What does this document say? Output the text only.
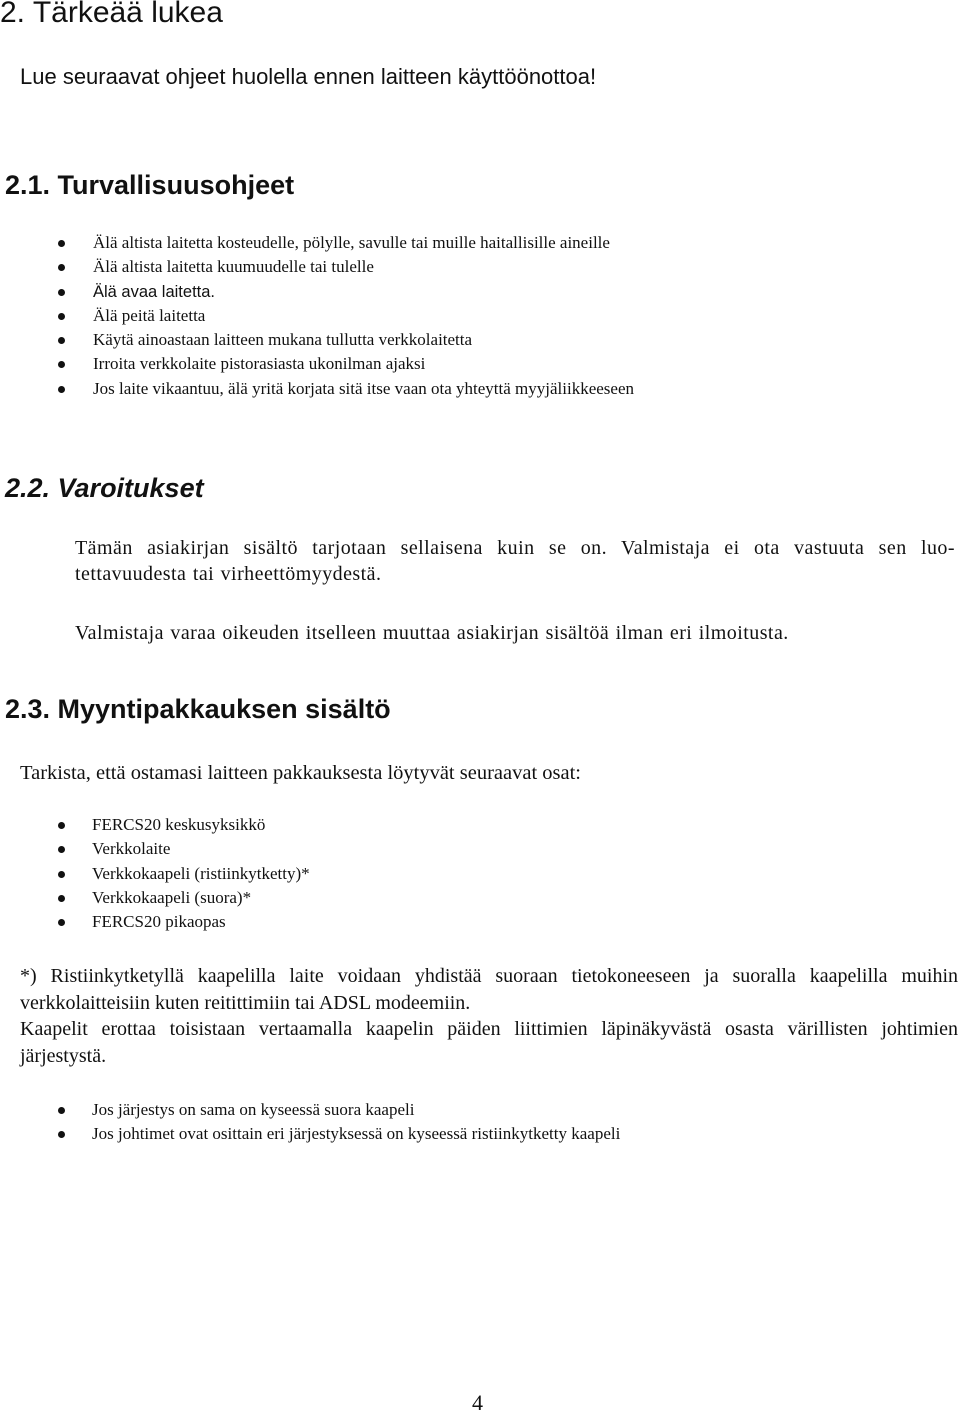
2. Tärkeää lukea
Lue seuraavat ohjeet huolella ennen laitteen käyttöönottoa!
2.1. Turvallisuusohjeet
Älä altista laitetta kosteudelle, pölylle, savulle tai muille haitallisille aineille
Älä altista laitetta kuumuudelle tai tulelle
Älä avaa laitetta.
Älä peitä laitetta
Käytä ainoastaan laitteen mukana tullutta verkkolaitetta
Irroita verkkolaite pistorasiasta ukonilman ajaksi
Jos laite vikaantuu, älä yritä korjata sitä itse vaan ota yhteyttä myyjäliikkeeseen
2.2. Varoitukset
Tämän asiakirjan sisältö tarjotaan sellaisena kuin se on. Valmistaja ei ota vastuuta sen luo-tettavuudesta tai virheettömyydestä.
Valmistaja varaa oikeuden itselleen muuttaa asiakirjan sisältöä ilman eri ilmoitusta.
2.3. Myyntipakkauksen sisältö
Tarkista, että ostamasi laitteen pakkauksesta löytyvät seuraavat osat:
FERCS20 keskusyksikkö
Verkkolaite
Verkkokaapeli (ristiinkytketty)*
Verkkokaapeli (suora)*
FERCS20 pikaopas
*) Ristiinkytketyllä kaapelilla laite voidaan yhdistää suoraan tietokoneeseen ja suoralla kaapelilla muihin verkkolaitteisiin kuten reitittimiin tai ADSL modeemiin.
Kaapelit erottaa toisistaan vertaamalla kaapelin päiden liittimien läpinäkyvästä osasta värillisten johtimien järjestystä.
Jos järjestys on sama on kyseessä suora kaapeli
Jos johtimet ovat osittain eri järjestyksessä on kyseessä ristiinkytketty kaapeli
4
